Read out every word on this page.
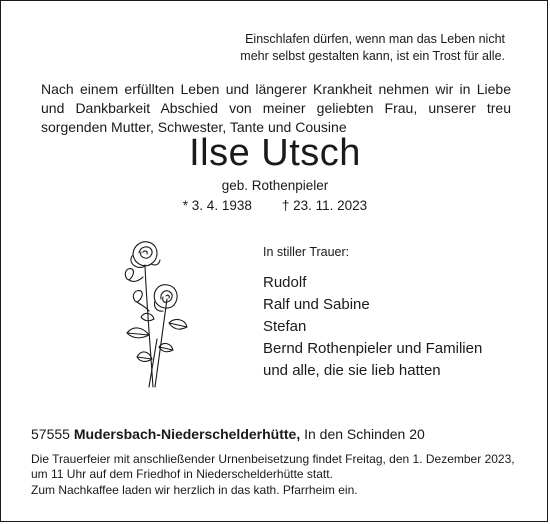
Einschlafen dürfen, wenn man das Leben nicht
mehr selbst gestalten kann, ist ein Trost für alle.
Nach einem erfüllten Leben und längerer Krankheit nehmen wir in Liebe und Dankbarkeit Abschied von meiner geliebten Frau, unserer treu sorgenden Mutter, Schwester, Tante und Cousine
Ilse Utsch
geb. Rothenpieler
* 3. 4. 1938 † 23. 11. 2023
In stiller Trauer:
Rudolf
Ralf und Sabine
Stefan
Bernd Rothenpieler und Familien
und alle, die sie lieb hatten
57555 Mudersbach-Niederschelderhütte, In den Schinden 20
Die Trauerfeier mit anschließender Urnenbeisetzung findet Freitag, den 1. Dezember 2023, um 11 Uhr auf dem Friedhof in Niederschelderhütte statt.
Zum Nachkaffee laden wir herzlich in das kath. Pfarrheim ein.
